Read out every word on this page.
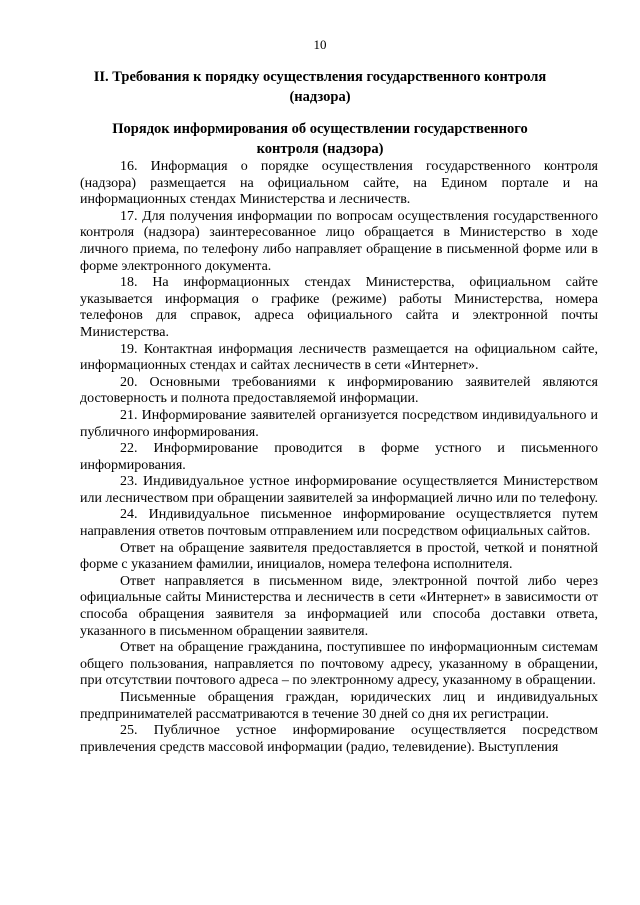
10
II. Требования к порядку осуществления государственного контроля (надзора)
Порядок информирования об осуществлении государственного контроля (надзора)

16. Информация о порядке осуществления государственного контроля (надзора) размещается на официальном сайте, на Едином портале и на информационных стендах Министерства и лесничеств.

17. Для получения информации по вопросам осуществления государственного контроля (надзора) заинтересованное лицо обращается в Министерство в ходе личного приема, по телефону либо направляет обращение в письменной форме или в форме электронного документа.

18. На информационных стендах Министерства, официальном сайте указывается информация о графике (режиме) работы Министерства, номера телефонов для справок, адреса официального сайта и электронной почты Министерства.

19. Контактная информация лесничеств размещается на официальном сайте, информационных стендах и сайтах лесничеств в сети «Интернет».

20. Основными требованиями к информированию заявителей являются достоверность и полнота предоставляемой информации.

21. Информирование заявителей организуется посредством индивидуального и публичного информирования.

22. Информирование проводится в форме устного и письменного информирования.

23. Индивидуальное устное информирование осуществляется Министерством или лесничеством при обращении заявителей за информацией лично или по телефону.

24. Индивидуальное письменное информирование осуществляется путем направления ответов почтовым отправлением или посредством официальных сайтов.

Ответ на обращение заявителя предоставляется в простой, четкой и понятной форме с указанием фамилии, инициалов, номера телефона исполнителя.

Ответ направляется в письменном виде, электронной почтой либо через официальные сайты Министерства и лесничеств в сети «Интернет» в зависимости от способа обращения заявителя за информацией или способа доставки ответа, указанного в письменном обращении заявителя.

Ответ на обращение гражданина, поступившее по информационным системам общего пользования, направляется по почтовому адресу, указанному в обращении, при отсутствии почтового адреса – по электронному адресу, указанному в обращении.

Письменные обращения граждан, юридических лиц и индивидуальных предпринимателей рассматриваются в течение 30 дней со дня их регистрации.

25. Публичное устное информирование осуществляется посредством привлечения средств массовой информации (радио, телевидение). Выступления
